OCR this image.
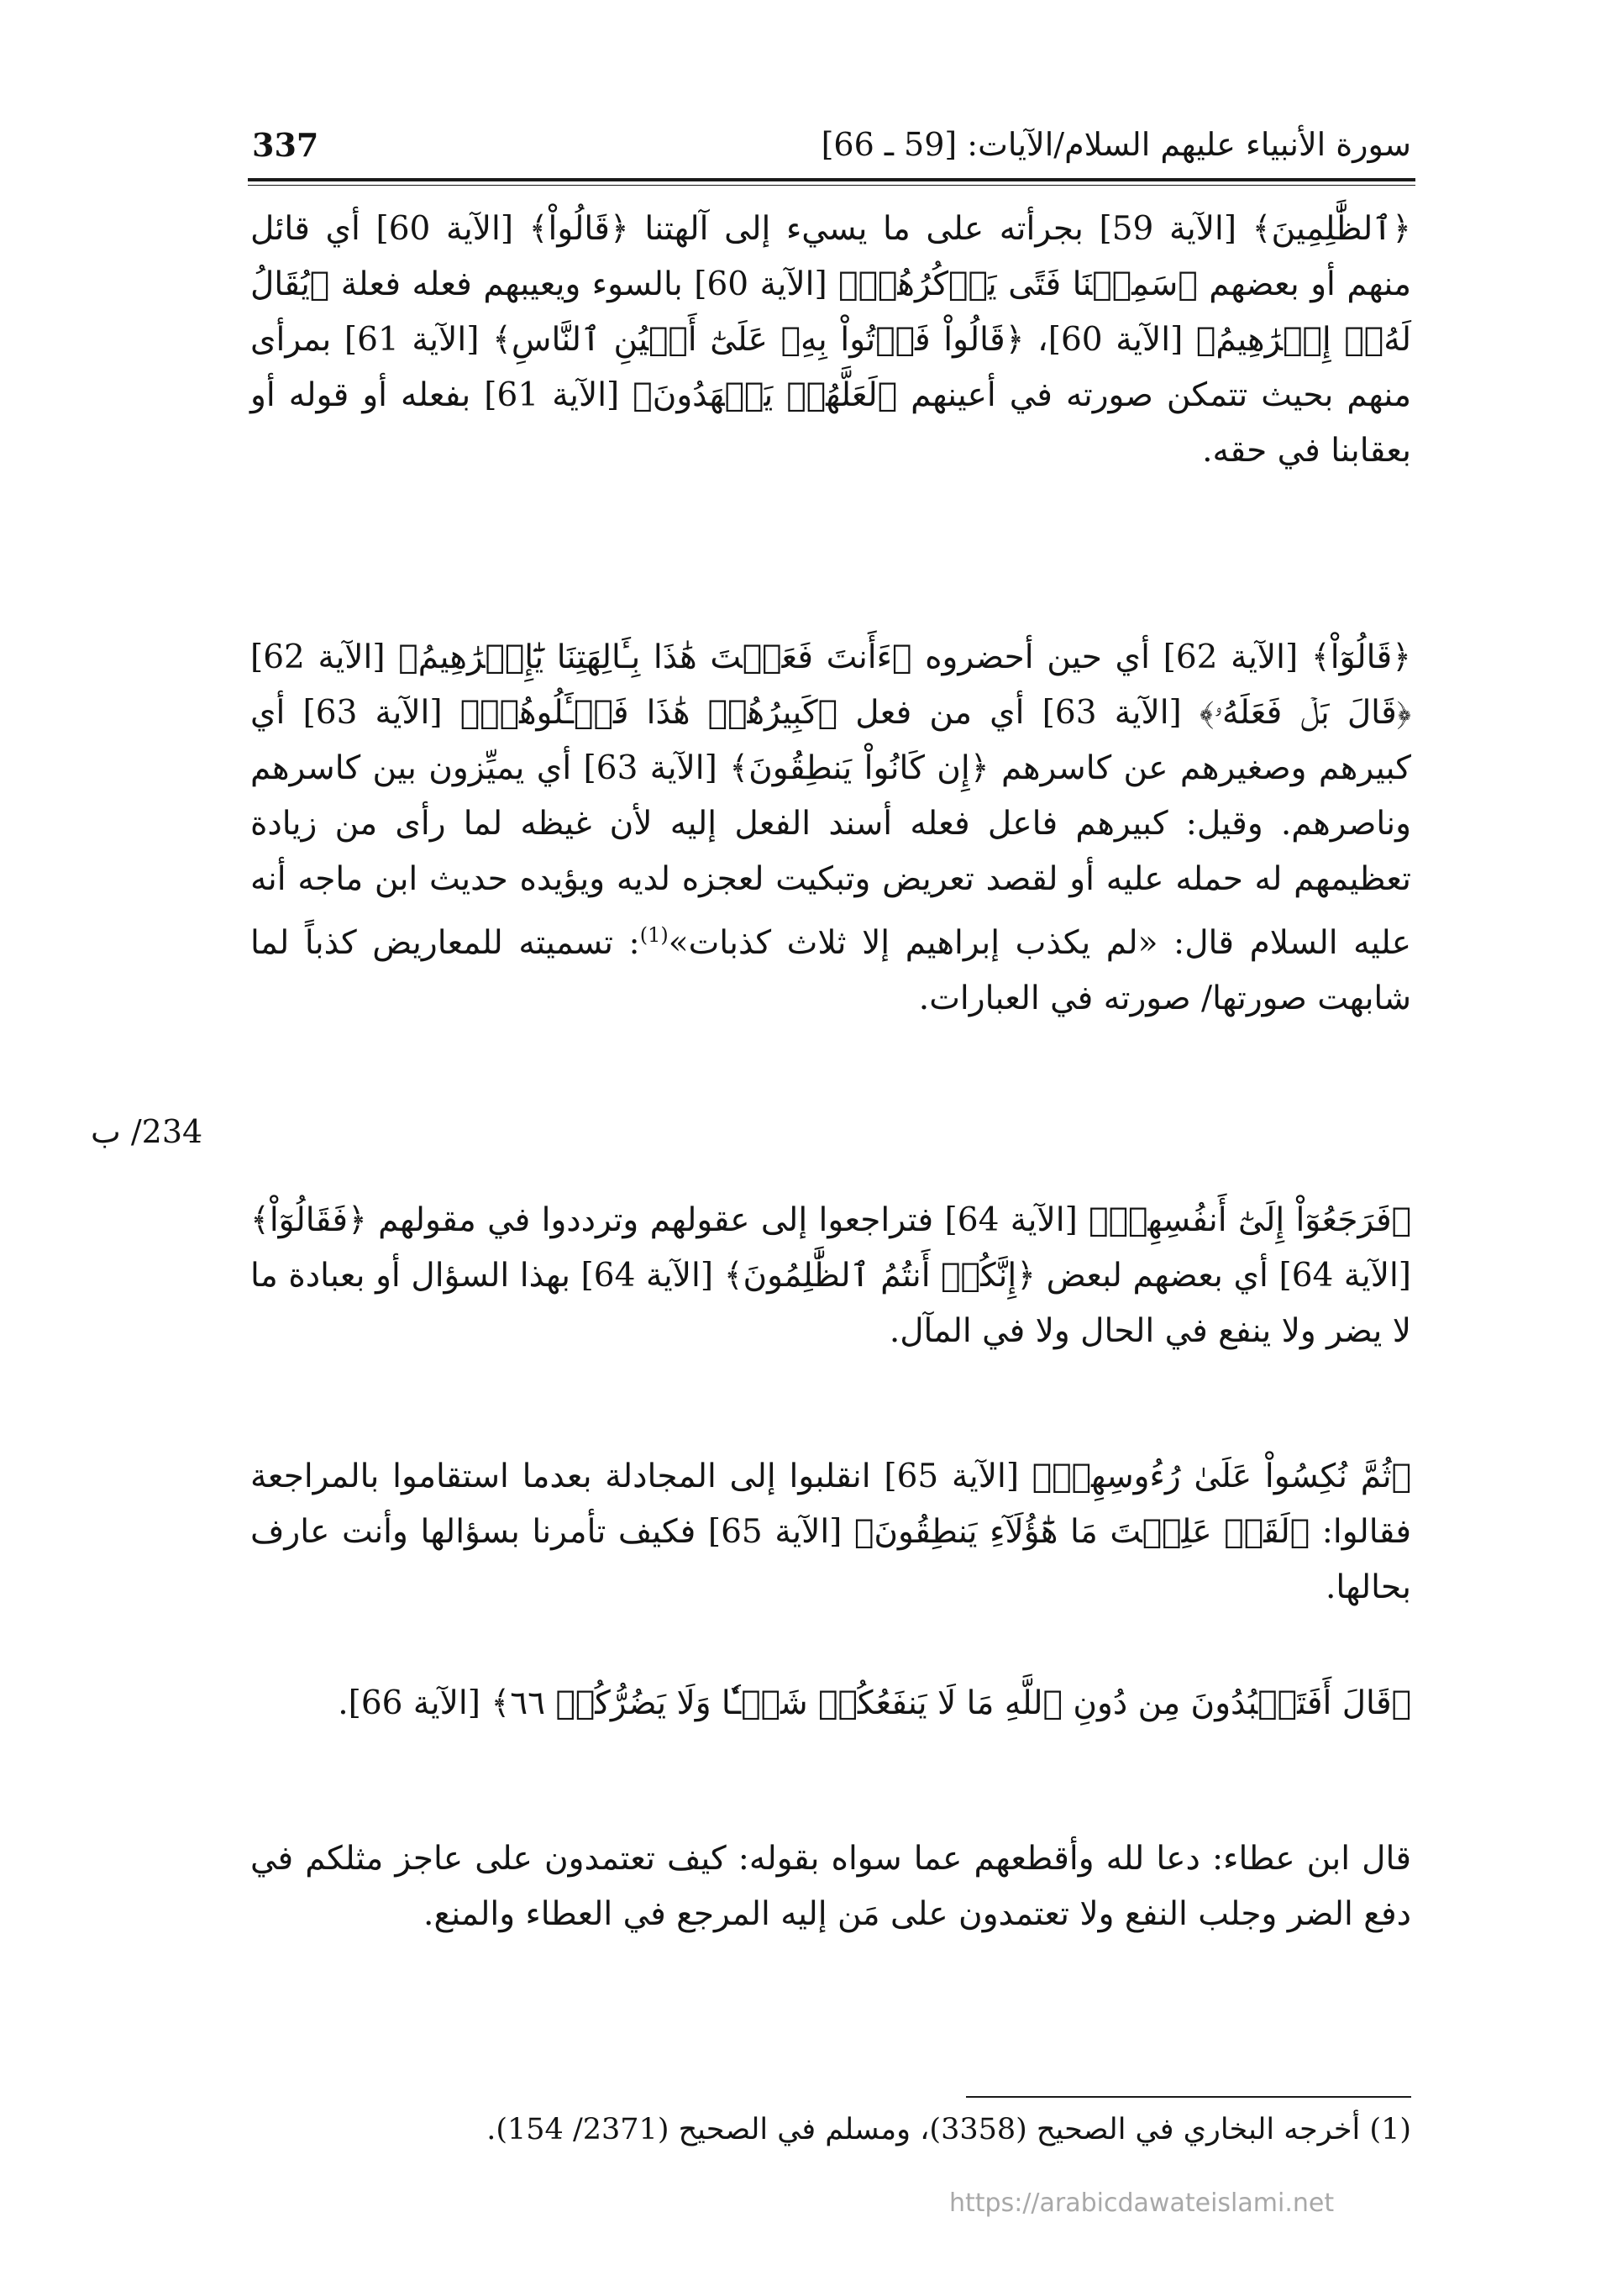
سورة الأنبياء عليهم السلام/الآيات: [59 ـ 66]
337
﴿ٱلظَّٰلِمِينَ﴾ [الآية 59] بجرأته على ما يسيء إلى آلهتنا ﴿قَالُواْ﴾ [الآية 60] أي قائل منهم أو بعضهم ﴿سَمِعۡنَا فَتًى يَذۡكُرُهُمۡ﴾ [الآية 60] بالسوء ويعيبهم فعله فعلة ﴿يُقَالُ لَهُۥٓ إِبۡرَٰهِيمُ﴾ [الآية 60]، ﴿قَالُواْ فَأۡتُواْ بِهِۦ عَلَىٰٓ أَعۡيُنِ ٱلنَّاسِ﴾ [الآية 61] بمرأى منهم بحيث تتمكن صورته في أعينهم ﴿لَعَلَّهُمۡ يَشۡهَدُونَ﴾ [الآية 61] بفعله أو قوله أو بعقابنا في حقه.
﴿قَالُوٓاْ﴾ [الآية 62] أي حين أحضروه ﴿ءَأَنتَ فَعَلۡتَ هَٰذَا بِـَٔالِهَتِنَا يَٰٓإِبۡرَٰهِيمُ﴾ [الآية 62] ﴿قَالَ بَلۡ فَعَلَهُۥ﴾ [الآية 63] أي من فعل ﴿كَبِيرُهُمۡ هَٰذَا فَسۡـَٔلُوهُمۡ﴾ [الآية 63] أي كبيرهم وصغيرهم عن كاسرهم ﴿إِن كَانُواْ يَنطِقُونَ﴾ [الآية 63] أي يميِّزون بين كاسرهم وناصرهم. وقيل: كبيرهم فاعل فعله أسند الفعل إليه لأن غيظه لما رأى من زيادة تعظيمهم له حمله عليه أو لقصد تعريض وتبكيت لعجزه لديه ويؤيده حديث ابن ماجه أنه عليه السلام قال: «لم يكذب إبراهيم إلا ثلاث كذبات»$^{(1)}$: تسميته للمعاريض كذباً لما شابهت صورتها/ صورته في العبارات.
234/ ب
﴿فَرَجَعُوٓاْ إِلَىٰٓ أَنفُسِهِمۡ﴾ [الآية 64] فتراجعوا إلى عقولهم وترددوا في مقولهم ﴿فَقَالُوٓاْ﴾ [الآية 64] أي بعضهم لبعض ﴿إِنَّكُمۡ أَنتُمُ ٱلظَّٰلِمُونَ﴾ [الآية 64] بهذا السؤال أو بعبادة ما لا يضر ولا ينفع في الحال ولا في المآل.
﴿ثُمَّ نُكِسُواْ عَلَىٰ رُءُوسِهِمۡ﴾ [الآية 65] انقلبوا إلى المجادلة بعدما استقاموا بالمراجعة فقالوا: ﴿لَقَدۡ عَلِمۡتَ مَا هَٰٓؤُلَآءِ يَنطِقُونَ﴾ [الآية 65] فكيف تأمرنا بسؤالها وأنت عارف بحالها.
﴿قَالَ أَفَتَعۡبُدُونَ مِن دُونِ ٱللَّهِ مَا لَا يَنفَعُكُمۡ شَيۡـٔٗا وَلَا يَضُرُّكُمۡ ٦٦﴾ [الآية 66].
قال ابن عطاء: دعا لله وأقطعهم عما سواه بقوله: كيف تعتمدون على عاجز مثلكم في دفع الضر وجلب النفع ولا تعتمدون على مَن إليه المرجع في العطاء والمنع.
(1) أخرجه البخاري في الصحيح (3358)، ومسلم في الصحيح (2371/ 154).
https://arabicdawateislami.net
